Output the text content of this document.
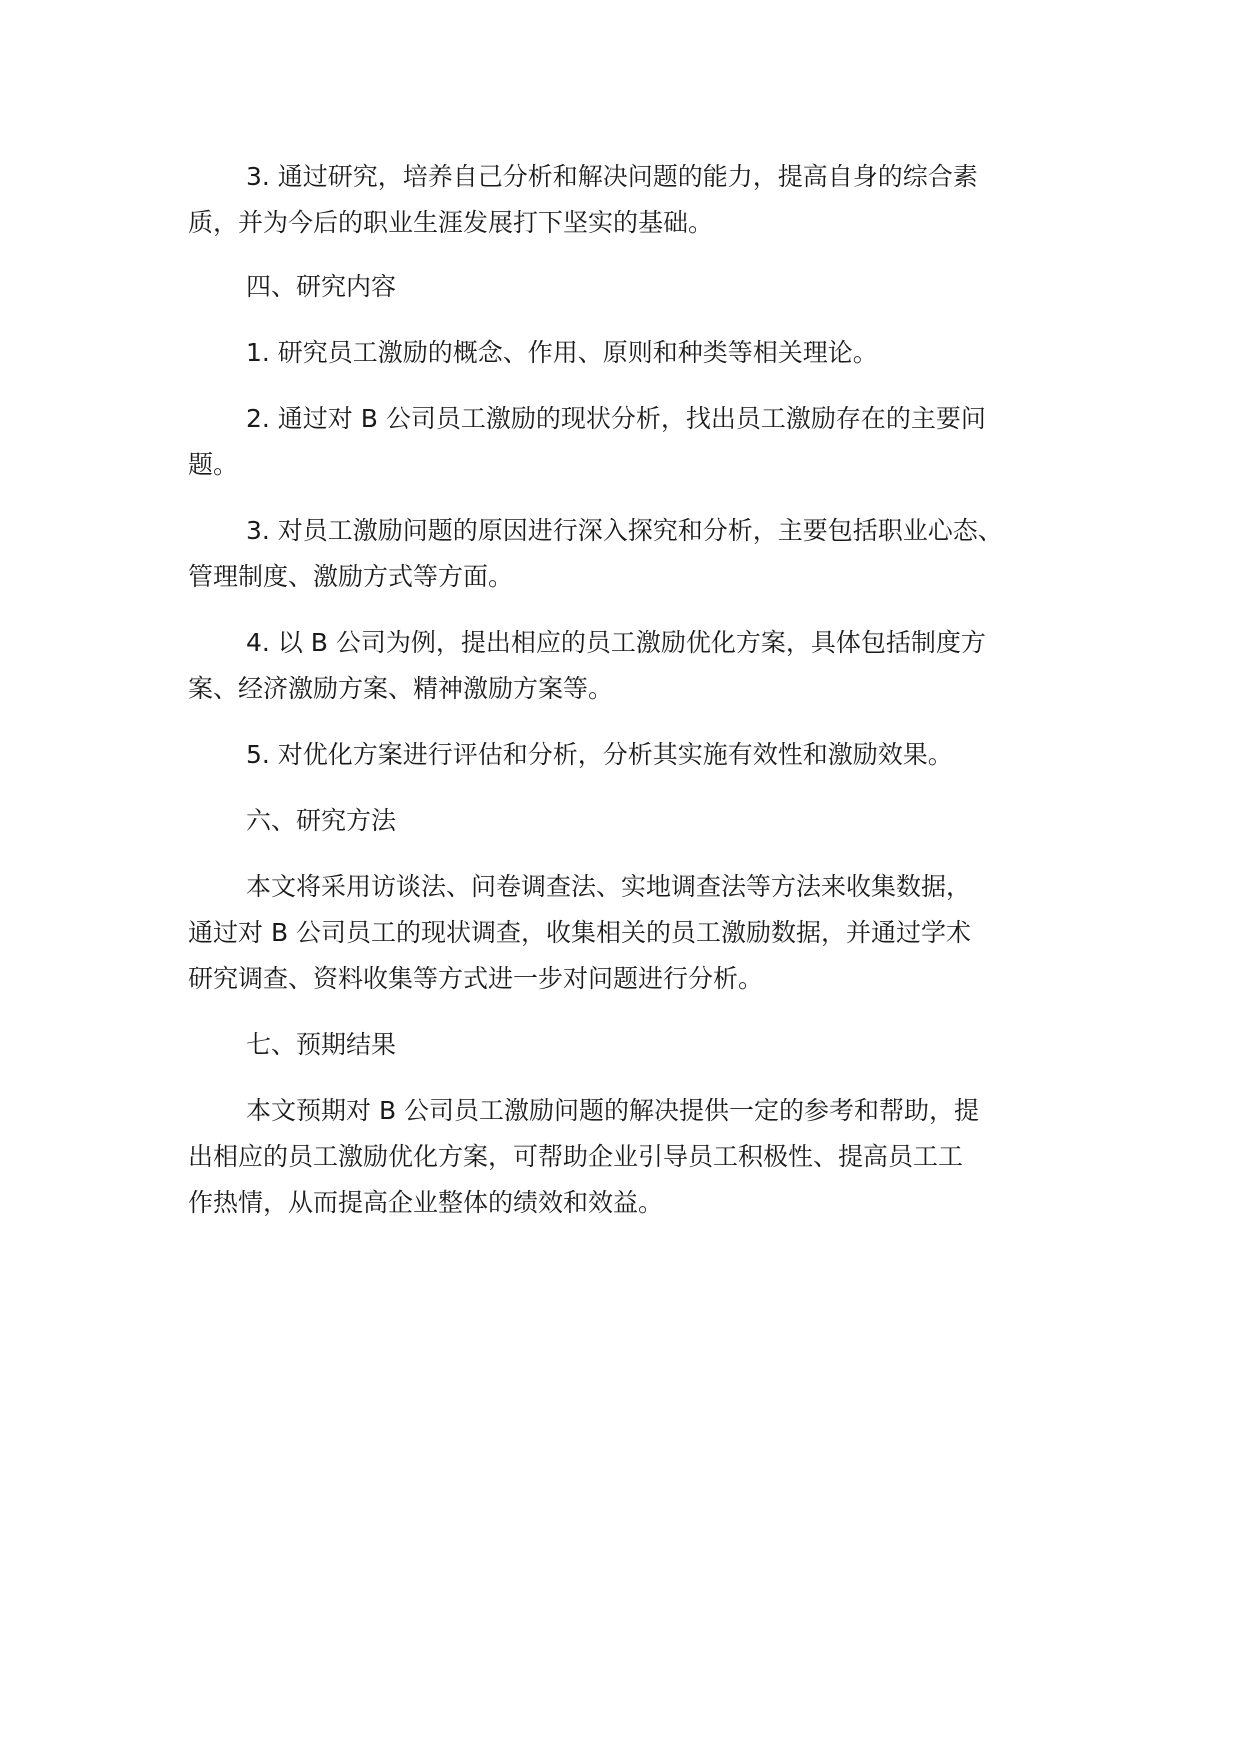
3. 通过研究，培养自己分析和解决问题的能力，提高自身的综合素

质，并为今后的职业生涯发展打下坚实的基础。

四、研究内容

1. 研究员工激励的概念、作用、原则和种类等相关理论。

2. 通过对 B 公司员工激励的现状分析，找出员工激励存在的主要问

题。

3. 对员工激励问题的原因进行深入探究和分析，主要包括职业心态、

管理制度、激励方式等方面。

4. 以 B 公司为例，提出相应的员工激励优化方案，具体包括制度方

案、经济激励方案、精神激励方案等。

5. 对优化方案进行评估和分析，分析其实施有效性和激励效果。

六、研究方法

本文将采用访谈法、问卷调查法、实地调查法等方法来收集数据，

通过对 B 公司员工的现状调查，收集相关的员工激励数据，并通过学术

研究调查、资料收集等方式进一步对问题进行分析。

七、预期结果

本文预期对 B 公司员工激励问题的解决提供一定的参考和帮助，提

出相应的员工激励优化方案，可帮助企业引导员工积极性、提高员工工

作热情，从而提高企业整体的绩效和效益。
